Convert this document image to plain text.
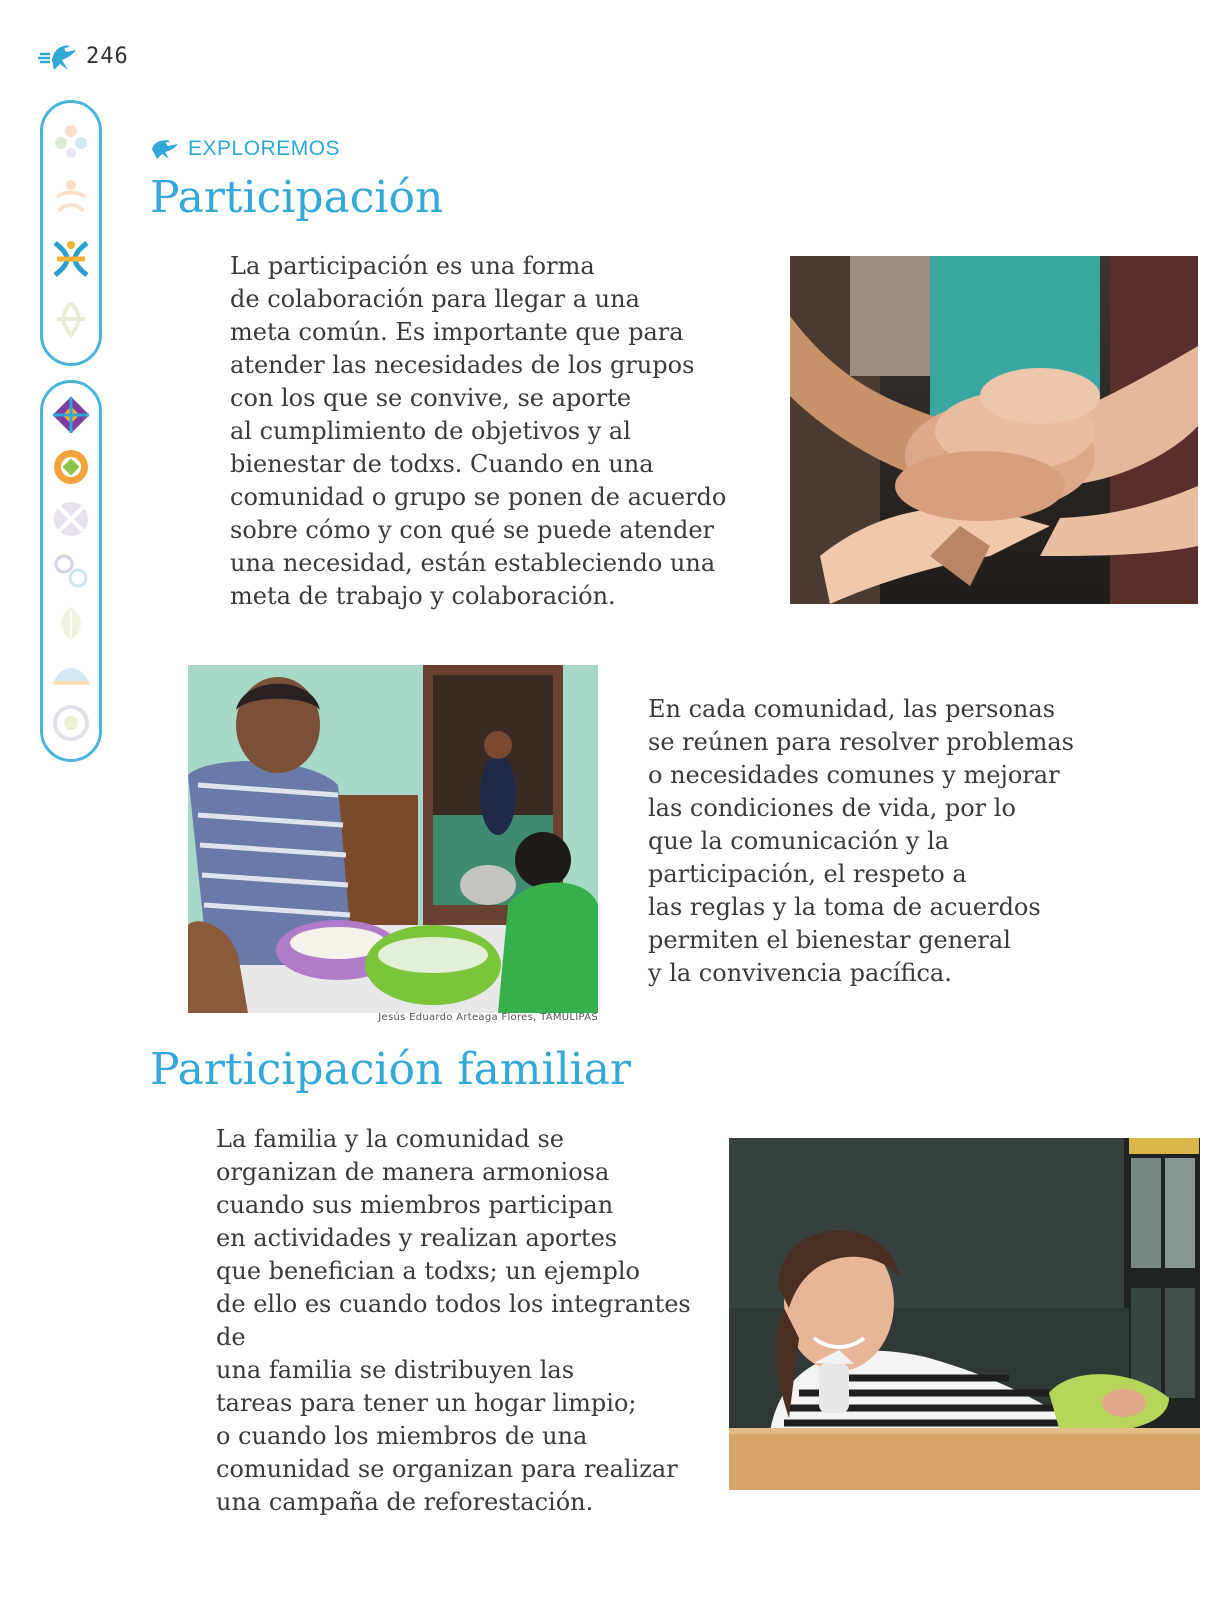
246
EXPLOREMOS
Participación

La participación es una forma
de colaboración para llegar a una
meta común. Es importante que para
atender las necesidades de los grupos
con los que se convive, se aporte
al cumplimiento de objetivos y al
bienestar de todxs. Cuando en una
comunidad o grupo se ponen de acuerdo
sobre cómo y con qué se puede atender
una necesidad, están estableciendo una
meta de trabajo y colaboración.

Jesús Eduardo Arteaga Flores, TAMULIPAS

En cada comunidad, las personas
se reúnen para resolver problemas
o necesidades comunes y mejorar
las condiciones de vida, por lo
que la comunicación y la
participación, el respeto a
las reglas y la toma de acuerdos
permiten el bienestar general
y la convivencia pacífica.

Participación familiar

La familia y la comunidad se
organizan de manera armoniosa
cuando sus miembros participan
en actividades y realizan aportes
que benefician a todxs; un ejemplo
de ello es cuando todos los integrantes de
una familia se distribuyen las
tareas para tener un hogar limpio;
o cuando los miembros de una
comunidad se organizan para realizar
una campaña de reforestación.
